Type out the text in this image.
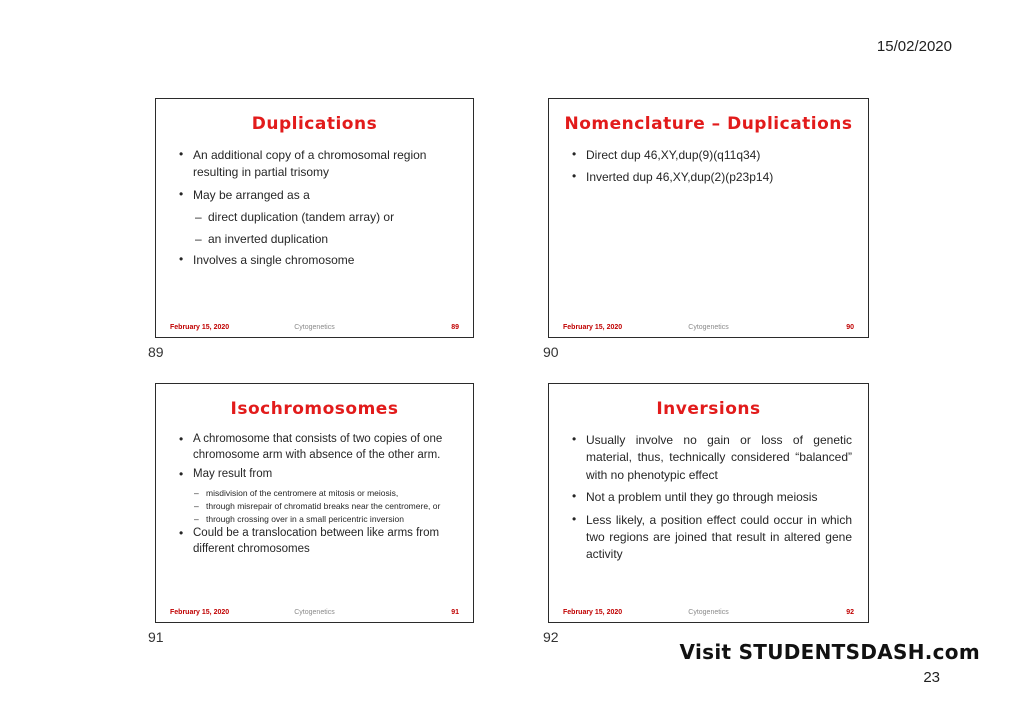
15/02/2020
Duplications
• An additional copy of a chromosomal region resulting in partial trisomy
• May be arranged as a
– direct duplication (tandem array) or
– an inverted duplication
• Involves a single chromosome
February 15, 2020	Cytogenetics	89
89
Nomenclature – Duplications
• Direct dup 46,XY,dup(9)(q11q34)
• Inverted dup 46,XY,dup(2)(p23p14)
February 15, 2020	Cytogenetics	90
90
Isochromosomes
• A chromosome that consists of two copies of one chromosome arm with absence of the other arm.
• May result from
– misdivision of the centromere at mitosis or meiosis,
– through misrepair of chromatid breaks near the centromere, or
– through crossing over in a small pericentric inversion
• Could be a translocation between like arms from different chromosomes
February 15, 2020	Cytogenetics	91
91
Inversions
• Usually involve no gain or loss of genetic material, thus, technically considered “balanced” with no phenotypic effect
• Not a problem until they go through meiosis
• Less likely, a position effect could occur in which two regions are joined that result in altered gene activity
February 15, 2020	Cytogenetics	92
92
Visit STUDENTSDASH.com
23
